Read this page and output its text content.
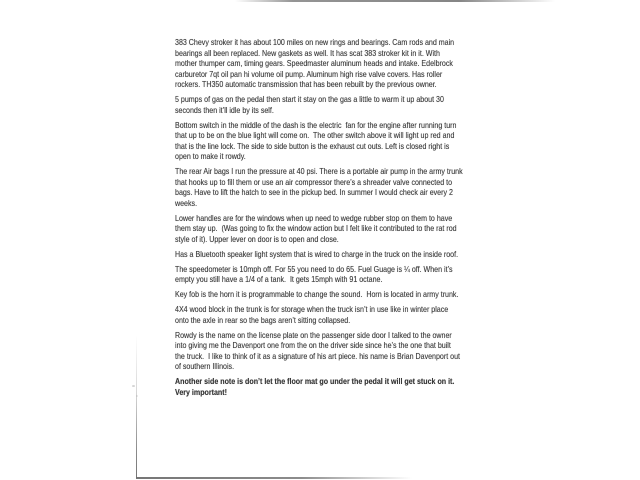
383 Chevy stroker it has about 100 miles on new rings and bearings. Cam rods and main
bearings all been replaced. New gaskets as well. It has scat 383 stroker kit in it. With
mother thumper cam, timing gears. Speedmaster aluminum heads and intake. Edelbrock
carburetor 7qt oil pan hi volume oil pump. Aluminum high rise valve covers. Has roller
rockers. TH350 automatic transmission that has been rebuilt by the previous owner.
5 pumps of gas on the pedal then start it stay on the gas a little to warm it up about 30
seconds then it’ll idle by its self.
Bottom switch in the middle of the dash is the electric  fan for the engine after running turn
that up to be on the blue light will come on.  The other switch above it will light up red and
that is the line lock. The side to side button is the exhaust cut outs. Left is closed right is
open to make it rowdy.
The rear Air bags I run the pressure at 40 psi. There is a portable air pump in the army trunk
that hooks up to fill them or use an air compressor there’s a shreader valve connected to
bags. Have to lift the hatch to see in the pickup bed. In summer I would check air every 2
weeks.
Lower handles are for the windows when up need to wedge rubber stop on them to have
them stay up.  (Was going to fix the window action but I felt like it contributed to the rat rod
style of it). Upper lever on door is to open and close.
Has a Bluetooth speaker light system that is wired to charge in the truck on the inside roof.
The speedometer is 10mph off. For 55 you need to do 65. Fuel Guage is ¼ off. When it’s
empty you still have a 1/4 of a tank.  It gets 15mph with 91 octane.
Key fob is the horn it is programmable to change the sound.  Horn is located in army trunk.
4X4 wood block in the trunk is for storage when the truck isn’t in use like in winter place
onto the axle in rear so the bags aren’t sitting collapsed.
Rowdy is the name on the license plate on the passenger side door I talked to the owner
into giving me the Davenport one from the on the driver side since he’s the one that built
the truck.  I like to think of it as a signature of his art piece. his name is Brian Davenport out
of southern Illinois.
Another side note is don’t let the floor mat go under the pedal it will get stuck on it.
Very important!
